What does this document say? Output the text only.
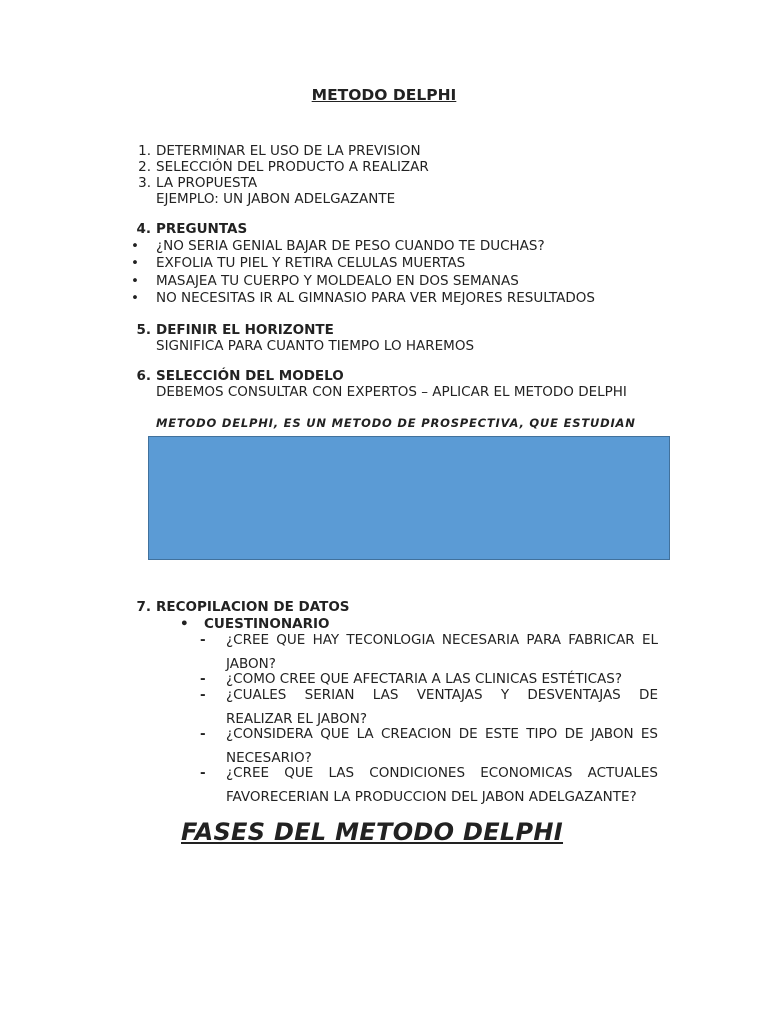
METODO DELPHI
1. DETERMINAR EL USO DE LA PREVISION
2. SELECCIÓN DEL PRODUCTO A REALIZAR
3. LA PROPUESTA
EJEMPLO: UN JABON ADELGAZANTE
4. PREGUNTAS
• ¿NO SERIA GENIAL BAJAR DE PESO CUANDO TE DUCHAS?
• EXFOLIA TU PIEL Y RETIRA CELULAS MUERTAS
• MASAJEA TU CUERPO Y MOLDEALO EN DOS SEMANAS
• NO NECESITAS IR AL GIMNASIO PARA VER MEJORES RESULTADOS
5. DEFINIR EL HORIZONTE
SIGNIFICA PARA CUANTO TIEMPO LO HAREMOS
6. SELECCIÓN DEL MODELO
DEBEMOS CONSULTAR CON EXPERTOS – APLICAR EL METODO DELPHI
METODO DELPHI, ES UN METODO DE PROSPECTIVA, QUE ESTUDIAN
7. RECOPILACION DE DATOS
• CUESTINONARIO
- ¿CREE QUE HAY TECONLOGIA NECESARIA PARA FABRICAR EL
JABON?
- ¿COMO CREE QUE AFECTARIA A LAS CLINICAS ESTÉTICAS?
- ¿CUALES SERIAN LAS VENTAJAS Y DESVENTAJAS DE
REALIZAR EL JABON?
- ¿CONSIDERA QUE LA CREACION DE ESTE TIPO DE JABON ES
NECESARIO?
- ¿CREE QUE LAS CONDICIONES ECONOMICAS ACTUALES
FAVORECERIAN LA PRODUCCION DEL JABON ADELGAZANTE?
FASES DEL METODO DELPHI
